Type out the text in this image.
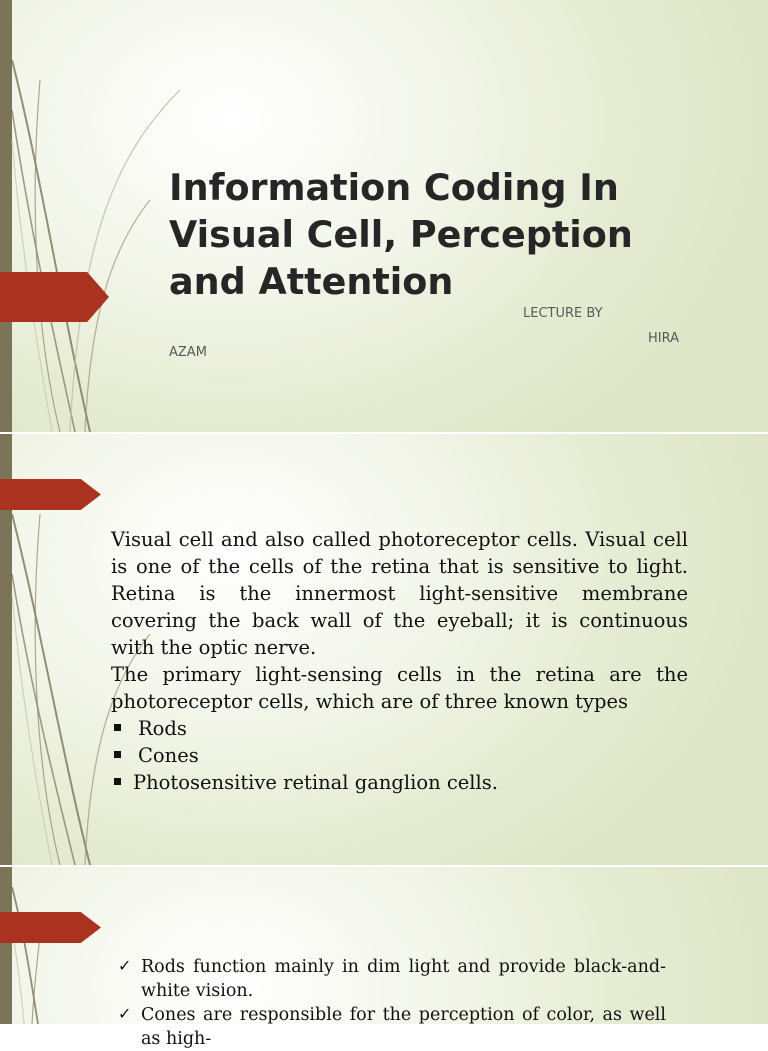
Information Coding In Visual Cell, Perception and Attention
LECTURE BY
HIRA
AZAM

Visual cell and also called photoreceptor cells. Visual cell is one of the cells of the retina that is sensitive to light. Retina is the innermost light-sensitive membrane covering the back wall of the eyeball; it is continuous with the optic nerve.

The primary light-sensing cells in the retina are the photoreceptor cells, which are of three known types

Rods
Cones
Photosensitive retinal ganglion cells.
✓ Rods function mainly in dim light and provide black-and-white vision.
✓ Cones are responsible for the perception of color, as well as high-
